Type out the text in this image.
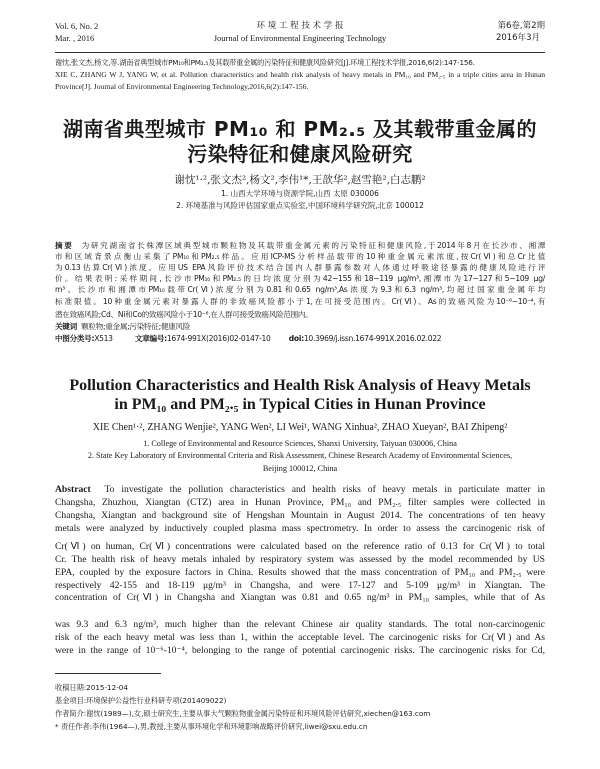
Vol. 6, No. 2
Mar. , 2016
环 境 工 程 技 术 学 报
Journal of Environmental Engineering Technology
第6卷,第2期
2016年3月
谢忱,张文杰,杨文,等.湖南省典型城市PM₁₀和PM₂.₅及其载带重金属的污染特征和健康风险研究[J].环境工程技术学报,2016,6(2):147-156.
XIE C, ZHANG W J, YANG W, et al. Pollution characteristics and health risk analysis of heavy metals in PM₁₀ and PM₂.₅ in a triple cities area in Hunan
Province[J]. Journal of Environmental Engineering Technology,2016,6(2):147-156.
湖南省典型城市 PM₁₀ 和 PM₂.₅ 及其载带重金属的
污染特征和健康风险研究
谢忱¹·²,张文杰²,杨文²,李伟¹*,王歆华²,赵雪艳²,白志鹏²
1. 山西大学环境与资源学院,山西 太原 030006
2. 环境基准与风险评估国家重点实验室,中国环境科学研究院,北京 100012
摘要 为研究湖南省长株潭区域典型城市颗粒物及其载带重金属元素的污染特征和健康风险,于2014年8月在长沙市、湘潭
市和区域背景点衡山采集了PM₁₀和PM₂.₅样品。应用ICP-MS分析样品载带的10种重金属元素浓度,按Cr(Ⅵ)和总Cr比值
为0.13估算Cr(Ⅵ)浓度。应用US EPA风险评价技术结合国内人群暴露参数对人体通过呼吸途径暴露的健康风险进行评
价。结果表明:采样期间,长沙市PM₁₀和PM₂.₅的日均浓度分别为42~155和18~119 μg/m³,湘潭市为17~127和5~109 μg/
m³。长沙市和湘潭市PM₁₀载带Cr(Ⅵ)浓度分别为0.81和0.65 ng/m³,As浓度为9.3和6.3 ng/m³,均超过国家重金属年均
标准限值。10种重金属元素对暴露人群的非致癌风险都小于1,在可接受范围内。Cr(Ⅵ)、As的致癌风险为10⁻⁶~10⁻⁴,有
潜在致癌风险;Cd、Ni和Co的致癌风险小于10⁻⁶,在人群可接受致癌风险范围内。
关键词 颗粒物;重金属;污染特征;健康风险
中图分类号:X513	文章编号:1674-991X(2016)02-0147-10 doi:10.3969/j.issn.1674-991X.2016.02.022
Pollution Characteristics and Health Risk Analysis of Heavy Metals
in PM₁₀ and PM₂.₅ in Typical Cities in Hunan Province
XIE Chen¹·², ZHANG Wenjie², YANG Wen², LI Wei¹, WANG Xinhua², ZHAO Xueyan², BAI Zhipeng²
1. College of Environmental and Resource Sciences, Shanxi University, Taiyuan 030006, China
2. State Key Laboratory of Environmental Criteria and Risk Assessment, Chinese Research Academy of Environmental Sciences,
Beijing 100012, China
Abstract To investigate the pollution characteristics and health risks of heavy metals in particulate matter in
Changsha, Zhuzhou, Xiangtan (CTZ) area in Hunan Province, PM₁₀ and PM₂.₅ filter samples were collected in
Changsha, Xiangtan and background site of Hengshan Mountain in August 2014. The concentrations of ten heavy
metals were analyzed by inductively coupled plasma mass spectrometry. In order to assess the carcinogenic risk of
Cr(Ⅵ) on human, Cr(Ⅵ) concentrations were calculated based on the reference ratio of 0.13 for Cr(Ⅵ) to total
Cr. The health risk of heavy metals inhaled by respiratory system was assessed by the model recommended by US
EPA, coupled by the exposure factors in China. Results showed that the mass concentration of PM₁₀ and PM₂.₅ were
respectively 42-155 and 18-119 μg/m³ in Changsha, and were 17-127 and 5-109 μg/m³ in Xiangtan. The
concentration of Cr(Ⅵ) in Changsha and Xiangtan was 0.81 and 0.65 ng/m³ in PM₁₀ samples, while that of As
was 9.3 and 6.3 ng/m³, much higher than the relevant Chinese air quality standards. The total non-carcinogenic
risk of the each heavy metal was less than 1, within the acceptable level. The carcinogenic risks for Cr(Ⅵ) and As
were in the range of 10⁻⁶-10⁻⁴, belonging to the range of potential carcinogenic risks. The carcinogenic risks for Cd,
收稿日期:2015-12-04
基金项目:环境保护公益性行业科研专项(201409022)
作者简介:谢忱(1989—),女,硕士研究生,主要从事大气颗粒物重金属污染特征和环境风险评估研究,xiechen@163.com
* 责任作者:李伟(1964—),男,教授,主要从事环境化学和环境影响战略评价研究,liwei@sxu.edu.cn
